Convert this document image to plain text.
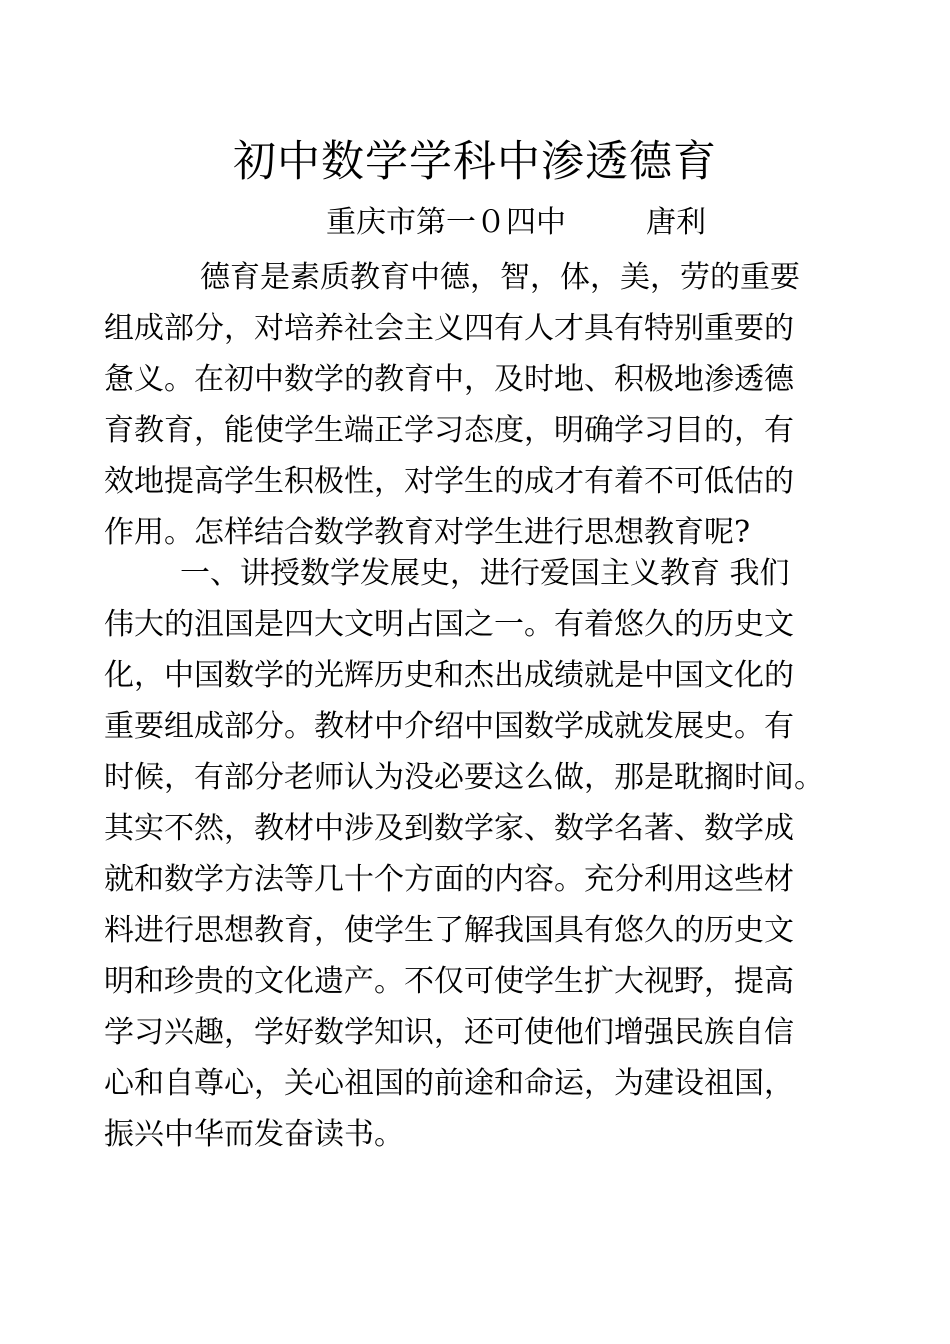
初中数学学科中渗透德育
重庆市第一０四中	唐利
德育是素质教育中德，智，体，美，劳的重要
组成部分，对培养社会主义四有人才具有特别重要的
惫义。在初中数学的教育中，及时地、积极地渗透德
育教育，能使学生端正学习态度，明确学习目的，有
效地提高学生积极性，对学生的成才有着不可低估的
作用。怎样结合数学教育对学生进行思想教育呢?
一、讲授数学发展史，进行爱国主义教育 我们
伟大的沮国是四大文明占国之一。有着悠久的历史文
化，中国数学的光辉历史和杰出成绩就是中国文化的
重要组成部分。教材中介绍中国数学成就发展史。有
时候，有部分老师认为没必要这么做，那是耽搁时间。
其实不然，教材中涉及到数学家、数学名著、数学成
就和数学方法等几十个方面的内容。充分利用这些材
料进行思想教育，使学生了解我国具有悠久的历史文
明和珍贵的文化遗产。不仅可使学生扩大视野，提高
学习兴趣，学好数学知识，还可使他们增强民族自信
心和自尊心，关心祖国的前途和命运，为建设祖国，
振兴中华而发奋读书。
